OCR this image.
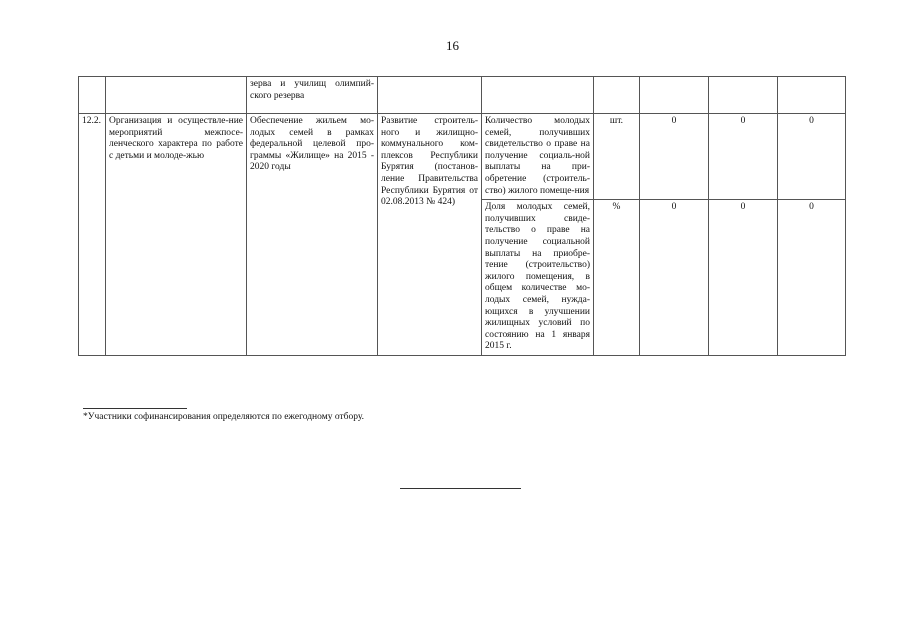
16
		зерва и училищ олимпий-ского резерва						
12.2.	Организация и осуществле-ние мероприятий межпосе-ленческого характера по работе с детьми и молоде-жью	Обеспечение жильем мо-лодых семей в рамках федеральной целевой про-граммы «Жилище» на 2015 - 2020 годы	Развитие строитель-ного и жилищно-коммунального ком-плексов Республики Бурятия (постанов-ление Правительства Республики Бурятия от 02.08.2013 № 424)	Количество молодых семей, получивших свидетельство о праве на получение социаль-ной выплаты на при-обретение (строитель-ство) жилого помеще-ния	шт.	0	0	0
				Доля молодых семей, получивших свиде-тельство о праве на получение социальной выплаты на приобре-тение (строительство) жилого помещения, в общем количестве мо-лодых семей, нужда-ющихся в улучшении жилищных условий по состоянию на 1 января 2015 г.	%	0	0	0
*Участники софинансирования определяются по ежегодному отбору.
